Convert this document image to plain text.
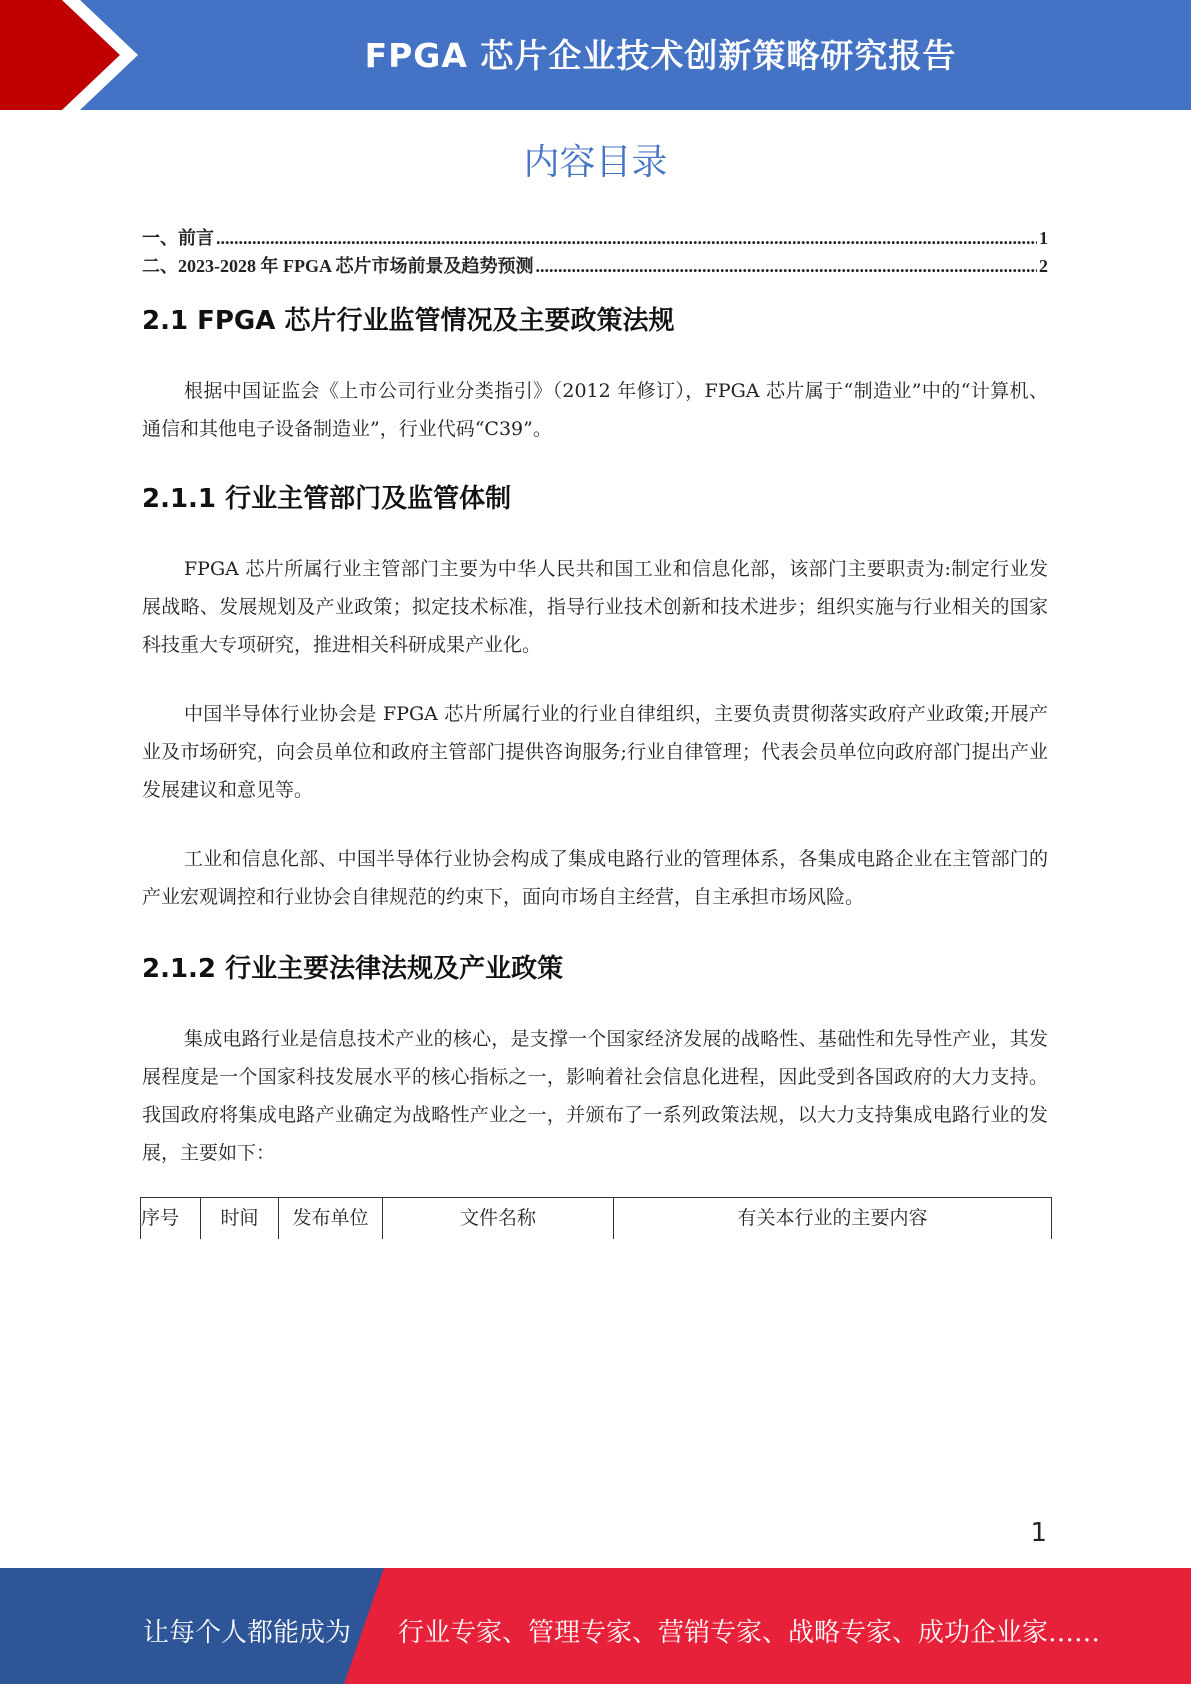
FPGA 芯片企业技术创新策略研究报告
内容目录
一、前言 .....	1
二、2023-2028 年 FPGA 芯片市场前景及趋势预测 .....	2
2.1 FPGA 芯片行业监管情况及主要政策法规
根据中国证监会《上市公司行业分类指引》（2012 年修订），FPGA 芯片属于“制造业”中的“计算机、通信和其他电子设备制造业”，行业代码“C39”。
2.1.1 行业主管部门及监管体制
FPGA 芯片所属行业主管部门主要为中华人民共和国工业和信息化部，该部门主要职责为:制定行业发展战略、发展规划及产业政策；拟定技术标准，指导行业技术创新和技术进步；组织实施与行业相关的国家科技重大专项研究，推进相关科研成果产业化。
中国半导体行业协会是 FPGA 芯片所属行业的行业自律组织，主要负责贯彻落实政府产业政策;开展产业及市场研究，向会员单位和政府主管部门提供咨询服务;行业自律管理；代表会员单位向政府部门提出产业发展建议和意见等。
工业和信息化部、中国半导体行业协会构成了集成电路行业的管理体系，各集成电路企业在主管部门的产业宏观调控和行业协会自律规范的约束下，面向市场自主经营，自主承担市场风险。
2.1.2 行业主要法律法规及产业政策
集成电路行业是信息技术产业的核心，是支撑一个国家经济发展的战略性、基础性和先导性产业，其发展程度是一个国家科技发展水平的核心指标之一，影响着社会信息化进程，因此受到各国政府的大力支持。我国政府将集成电路产业确定为战略性产业之一，并颁布了一系列政策法规，以大力支持集成电路行业的发展，主要如下：
序号	时间	发布单位	文件名称	有关本行业的主要内容
1
让每个人都能成为 行业专家、管理专家、营销专家、战略专家、成功企业家……
